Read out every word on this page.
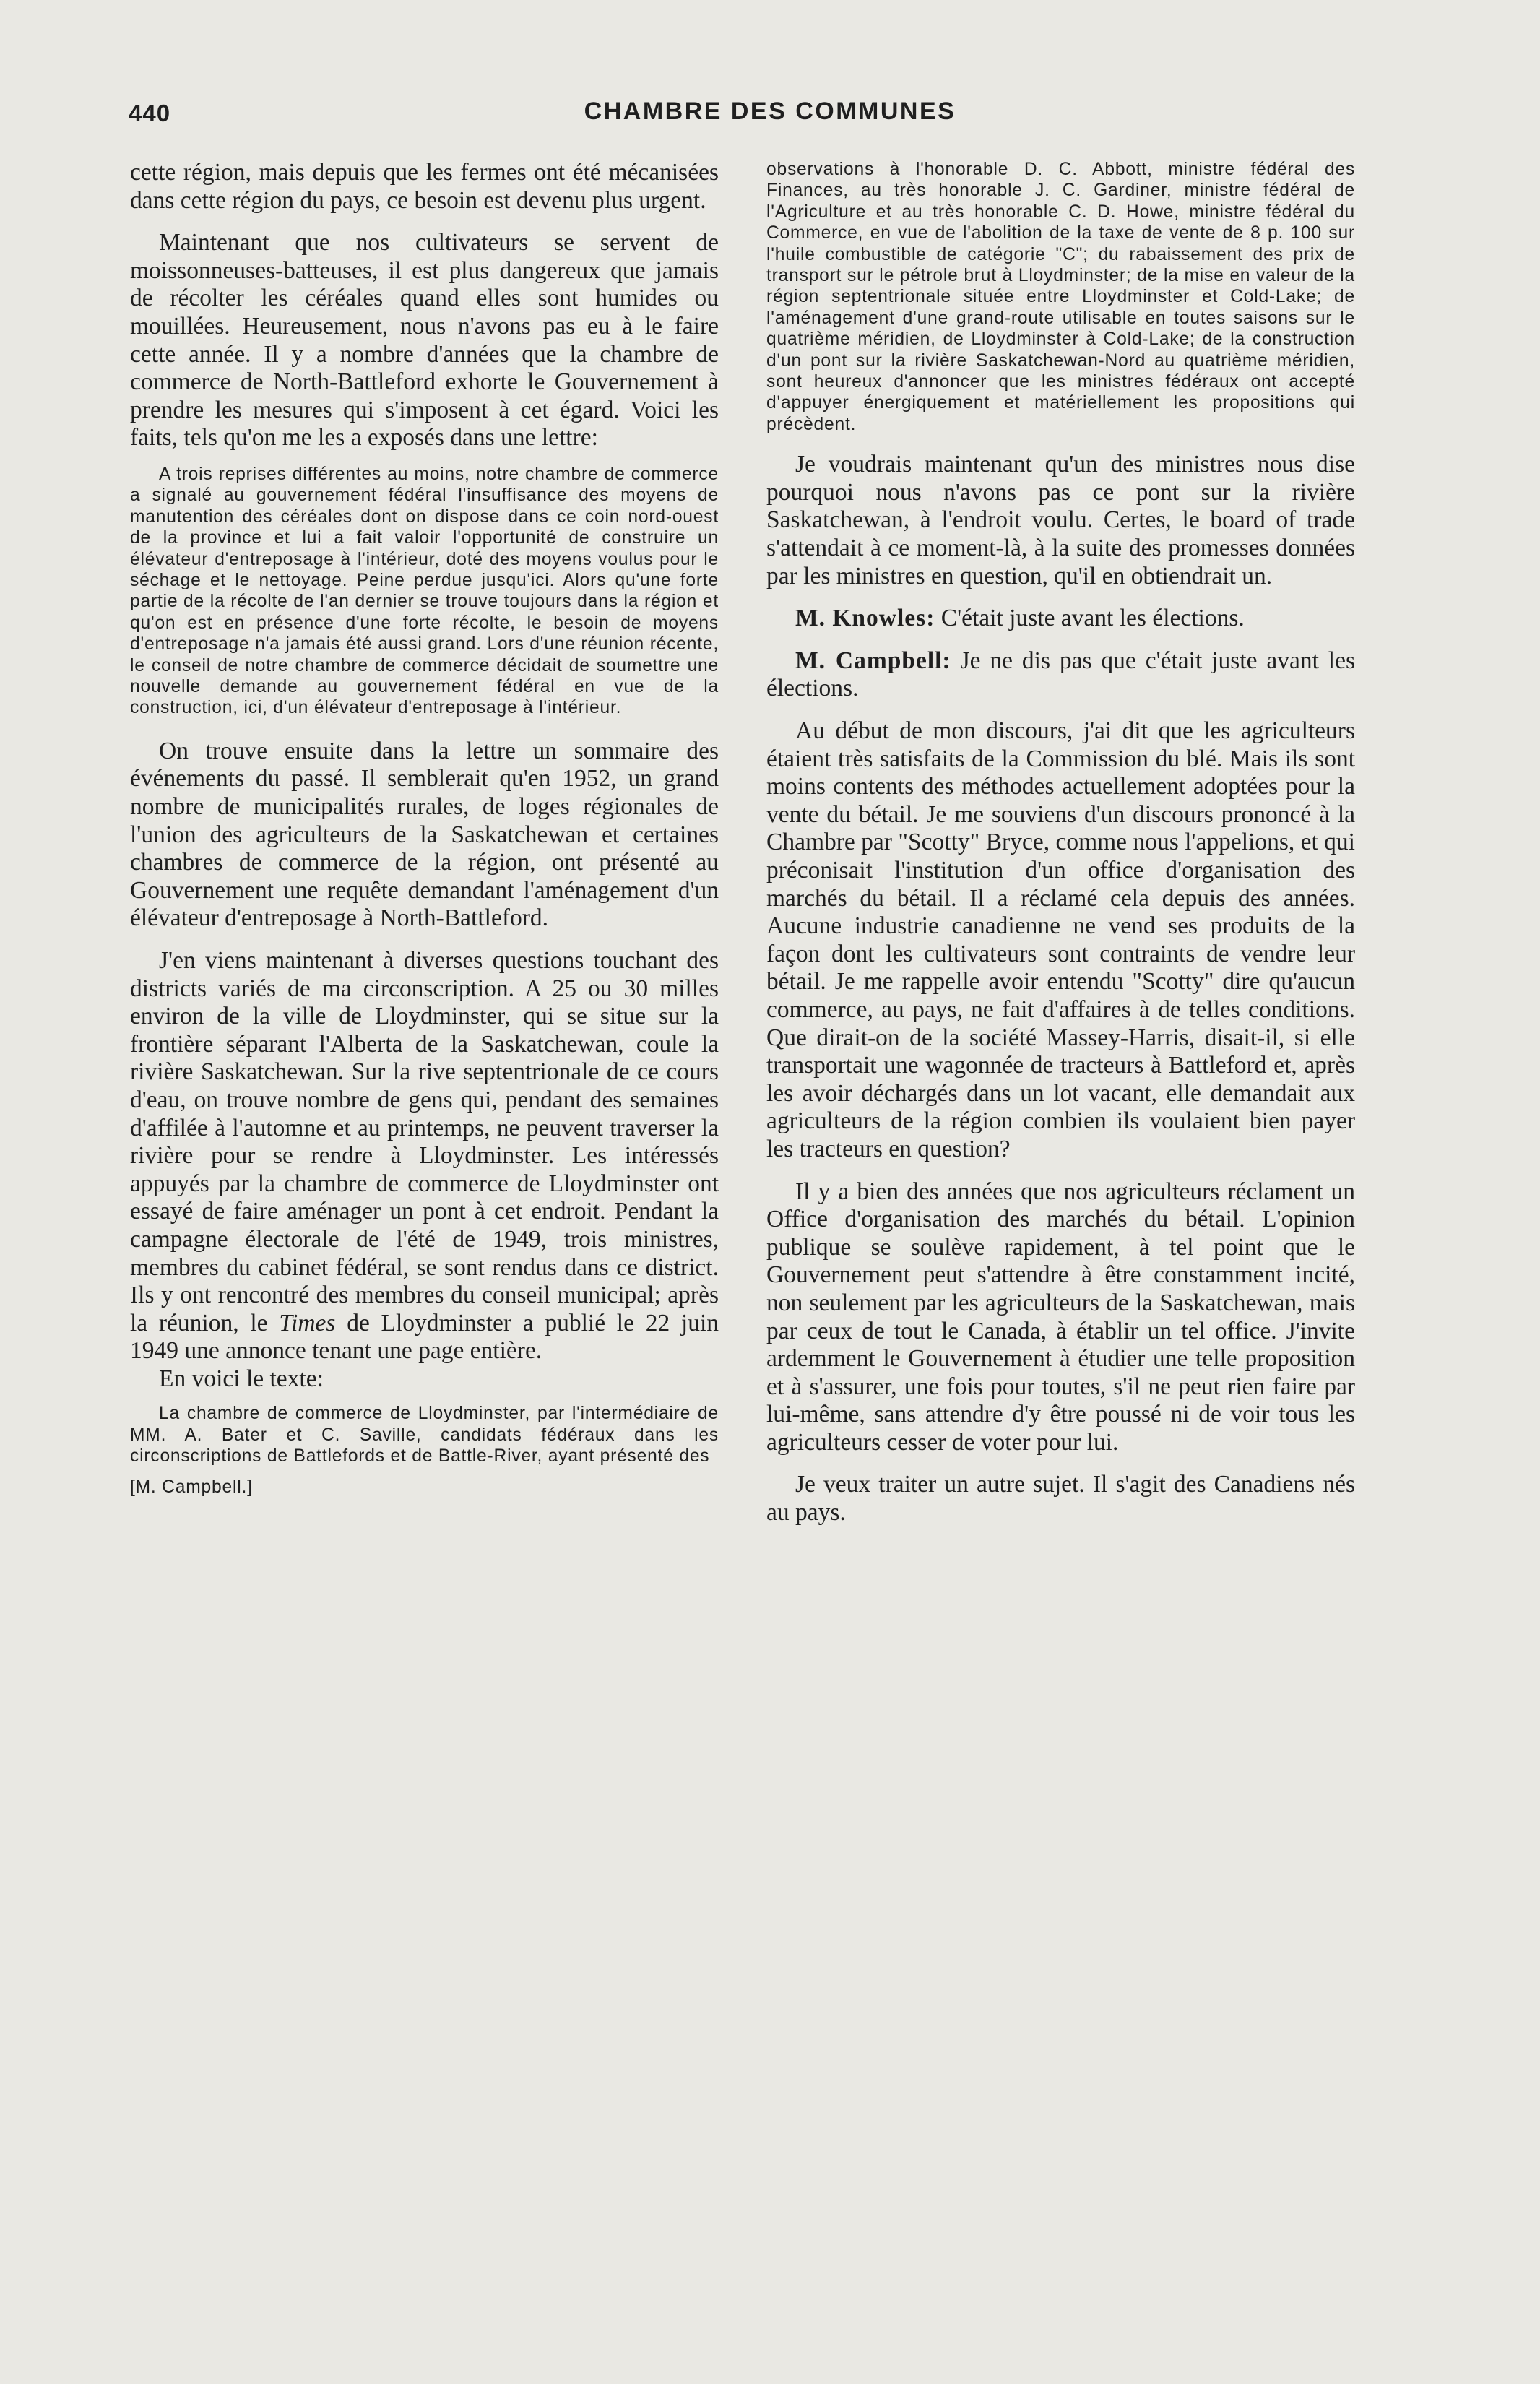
440	CHAMBRE DES COMMUNES

cette région, mais depuis que les fermes ont été mécanisées dans cette région du pays, ce besoin est devenu plus urgent.

Maintenant que nos cultivateurs se servent de moissonneuses-batteuses, il est plus dangereux que jamais de récolter les céréales quand elles sont humides ou mouillées. Heureusement, nous n'avons pas eu à le faire cette année. Il y a nombre d'années que la chambre de commerce de North-Battleford exhorte le Gouvernement à prendre les mesures qui s'imposent à cet égard. Voici les faits, tels qu'on me les a exposés dans une lettre:

A trois reprises différentes au moins, notre chambre de commerce a signalé au gouvernement fédéral l'insuffisance des moyens de manutention des céréales dont on dispose dans ce coin nord-ouest de la province et lui a fait valoir l'opportunité de construire un élévateur d'entreposage à l'intérieur, doté des moyens voulus pour le séchage et le nettoyage. Peine perdue jusqu'ici. Alors qu'une forte partie de la récolte de l'an dernier se trouve toujours dans la région et qu'on est en présence d'une forte récolte, le besoin de moyens d'entreposage n'a jamais été aussi grand. Lors d'une réunion récente, le conseil de notre chambre de commerce décidait de soumettre une nouvelle demande au gouvernement fédéral en vue de la construction, ici, d'un élévateur d'entreposage à l'intérieur.

On trouve ensuite dans la lettre un sommaire des événements du passé. Il semblerait qu'en 1952, un grand nombre de municipalités rurales, de loges régionales de l'union des agriculteurs de la Saskatchewan et certaines chambres de commerce de la région, ont présenté au Gouvernement une requête demandant l'aménagement d'un élévateur d'entreposage à North-Battleford.

J'en viens maintenant à diverses questions touchant des districts variés de ma circonscription. A 25 ou 30 milles environ de la ville de Lloydminster, qui se situe sur la frontière séparant l'Alberta de la Saskatchewan, coule la rivière Saskatchewan. Sur la rive septentrionale de ce cours d'eau, on trouve nombre de gens qui, pendant des semaines d'affilée à l'automne et au printemps, ne peuvent traverser la rivière pour se rendre à Lloydminster. Les intéressés appuyés par la chambre de commerce de Lloydminster ont essayé de faire aménager un pont à cet endroit. Pendant la campagne électorale de l'été de 1949, trois ministres, membres du cabinet fédéral, se sont rendus dans ce district. Ils y ont rencontré des membres du conseil municipal; après la réunion, le Times de Lloydminster a publié le 22 juin 1949 une annonce tenant une page entière.

En voici le texte:

La chambre de commerce de Lloydminster, par l'intermédiaire de MM. A. Bater et C. Saville, candidats fédéraux dans les circonscriptions de Battlefords et de Battle-River, ayant présenté des

[M. Campbell.]

observations à l'honorable D. C. Abbott, ministre fédéral des Finances, au très honorable J. C. Gardiner, ministre fédéral de l'Agriculture et au très honorable C. D. Howe, ministre fédéral du Commerce, en vue de l'abolition de la taxe de vente de 8 p. 100 sur l'huile combustible de catégorie "C"; du rabaissement des prix de transport sur le pétrole brut à Lloydminster; de la mise en valeur de la région septentrionale située entre Lloydminster et Cold-Lake; de l'aménagement d'une grand-route utilisable en toutes saisons sur le quatrième méridien, de Lloydminster à Cold-Lake; de la construction d'un pont sur la rivière Saskatchewan-Nord au quatrième méridien, sont heureux d'annoncer que les ministres fédéraux ont accepté d'appuyer énergiquement et matériellement les propositions qui précèdent.

Je voudrais maintenant qu'un des ministres nous dise pourquoi nous n'avons pas ce pont sur la rivière Saskatchewan, à l'endroit voulu. Certes, le board of trade s'attendait à ce moment-là, à la suite des promesses données par les ministres en question, qu'il en obtiendrait un.

M. Knowles: C'était juste avant les élections.

M. Campbell: Je ne dis pas que c'était juste avant les élections.

Au début de mon discours, j'ai dit que les agriculteurs étaient très satisfaits de la Commission du blé. Mais ils sont moins contents des méthodes actuellement adoptées pour la vente du bétail. Je me souviens d'un discours prononcé à la Chambre par "Scotty" Bryce, comme nous l'appelions, et qui préconisait l'institution d'un office d'organisation des marchés du bétail. Il a réclamé cela depuis des années. Aucune industrie canadienne ne vend ses produits de la façon dont les cultivateurs sont contraints de vendre leur bétail. Je me rappelle avoir entendu "Scotty" dire qu'aucun commerce, au pays, ne fait d'affaires à de telles conditions. Que dirait-on de la société Massey-Harris, disait-il, si elle transportait une wagonnée de tracteurs à Battleford et, après les avoir déchargés dans un lot vacant, elle demandait aux agriculteurs de la région combien ils voulaient bien payer les tracteurs en question?

Il y a bien des années que nos agriculteurs réclament un Office d'organisation des marchés du bétail. L'opinion publique se soulève rapidement, à tel point que le Gouvernement peut s'attendre à être constamment incité, non seulement par les agriculteurs de la Saskatchewan, mais par ceux de tout le Canada, à établir un tel office. J'invite ardemment le Gouvernement à étudier une telle proposition et à s'assurer, une fois pour toutes, s'il ne peut rien faire par lui-même, sans attendre d'y être poussé ni de voir tous les agriculteurs cesser de voter pour lui.

Je veux traiter un autre sujet. Il s'agit des Canadiens nés au pays.
